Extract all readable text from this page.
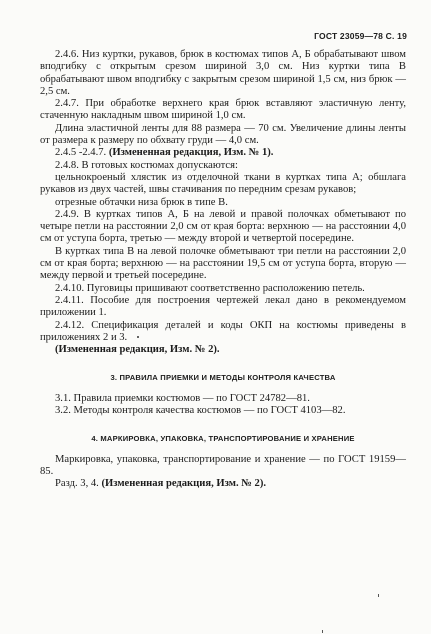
ГОСТ 23059—78 С. 19

2.4.6. Низ куртки, рукавов, брюк в костюмах типов А, Б обрабатывают швом вподгибку с открытым срезом шириной 3,0 см. Низ куртки типа В обрабатывают швом вподгибку с закрытым срезом шириной 1,5 см, низ брюк — 2,5 см.

2.4.7. При обработке верхнего края брюк вставляют эластичную ленту, стаченную накладным швом шириной 1,0 см.

Длина эластичной ленты для 88 размера — 70 см. Увеличение длины ленты от размера к размеру по обхвату груди — 4,0 см.

2.4.5 -2.4.7. (Измененная редакция, Изм. № 1).

2.4.8. В готовых костюмах допускаются:

цельнокроеный хлястик из отделочной ткани в куртках типа А; обшлага рукавов из двух частей, швы стачивания по передним срезам рукавов;

отрезные обтачки низа брюк в типе В.

2.4.9. В куртках типов А, Б на левой и правой полочках обметывают по четыре петли на расстоянии 2,0 см от края борта: верхнюю — на расстоянии 4,0 см от уступа борта, третью — между второй и четвертой посередине.

В куртках типа В на левой полочке обметывают три петли на расстоянии 2,0 см от края борта; верхнюю — на расстоянии 19,5 см от уступа борта, вторую — между первой и третьей посередине.

2.4.10. Пуговицы пришивают соответственно расположению петель.

2.4.11. Пособие для построения чертежей лекал дано в рекомендуемом приложении 1.

2.4.12. Спецификация деталей и коды ОКП на костюмы приведены в приложениях 2 и 3.

(Измененная редакция, Изм. № 2).

3. ПРАВИЛА ПРИЕМКИ И МЕТОДЫ КОНТРОЛЯ КАЧЕСТВА

3.1. Правила приемки костюмов — по ГОСТ 24782—81.

3.2. Методы контроля качества костюмов — по ГОСТ 4103—82.

4. МАРКИРОВКА, УПАКОВКА, ТРАНСПОРТИРОВАНИЕ И ХРАНЕНИЕ

Маркировка, упаковка, транспортирование и хранение — по ГОСТ 19159—85.

Разд. 3, 4. (Измененная редакция, Изм. № 2).
